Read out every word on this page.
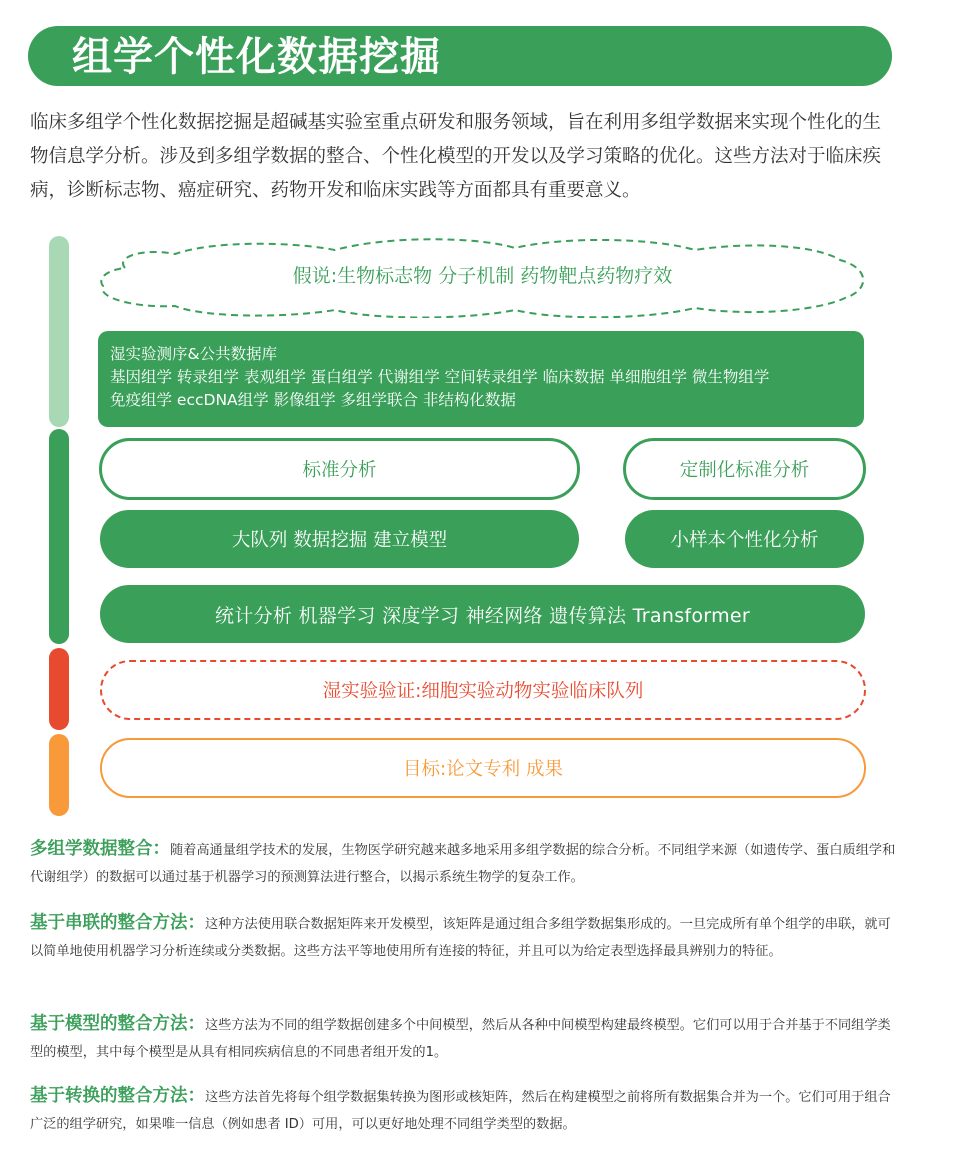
组学个性化数据挖掘
临床多组学个性化数据挖掘是超碱基实验室重点研发和服务领域，旨在利用多组学数据来实现个性化的生物信息学分析。涉及到多组学数据的整合、个性化模型的开发以及学习策略的优化。这些方法对于临床疾病，诊断标志物、癌症研究、药物开发和临床实践等方面都具有重要意义。
假说:生物标志物 分子机制 药物靶点药物疗效
湿实验测序&公共数据库
基因组学 转录组学 表观组学 蛋白组学 代谢组学 空间转录组学 临床数据 单细胞组学 微生物组学
免疫组学 eccDNA组学 影像组学 多组学联合 非结构化数据
标准分析	定制化标准分析
大队列 数据挖掘 建立模型	小样本个性化分析
统计分析 机器学习 深度学习 神经网络 遗传算法 Transformer
湿实验验证:细胞实验动物实验临床队列
目标:论文专利 成果
多组学数据整合：随着高通量组学技术的发展，生物医学研究越来越多地采用多组学数据的综合分析。不同组学来源（如遗传学、蛋白质组学和代谢组学）的数据可以通过基于机器学习的预测算法进行整合，以揭示系统生物学的复杂工作。
基于串联的整合方法：这种方法使用联合数据矩阵来开发模型，该矩阵是通过组合多组学数据集形成的。一旦完成所有单个组学的串联，就可以简单地使用机器学习分析连续或分类数据。这些方法平等地使用所有连接的特征，并且可以为给定表型选择最具辨别力的特征。
基于模型的整合方法：这些方法为不同的组学数据创建多个中间模型，然后从各种中间模型构建最终模型。它们可以用于合并基于不同组学类型的模型，其中每个模型是从具有相同疾病信息的不同患者组开发的1。
基于转换的整合方法：这些方法首先将每个组学数据集转换为图形或核矩阵，然后在构建模型之前将所有数据集合并为一个。它们可用于组合广泛的组学研究，如果唯一信息（例如患者 ID）可用，可以更好地处理不同组学类型的数据。
